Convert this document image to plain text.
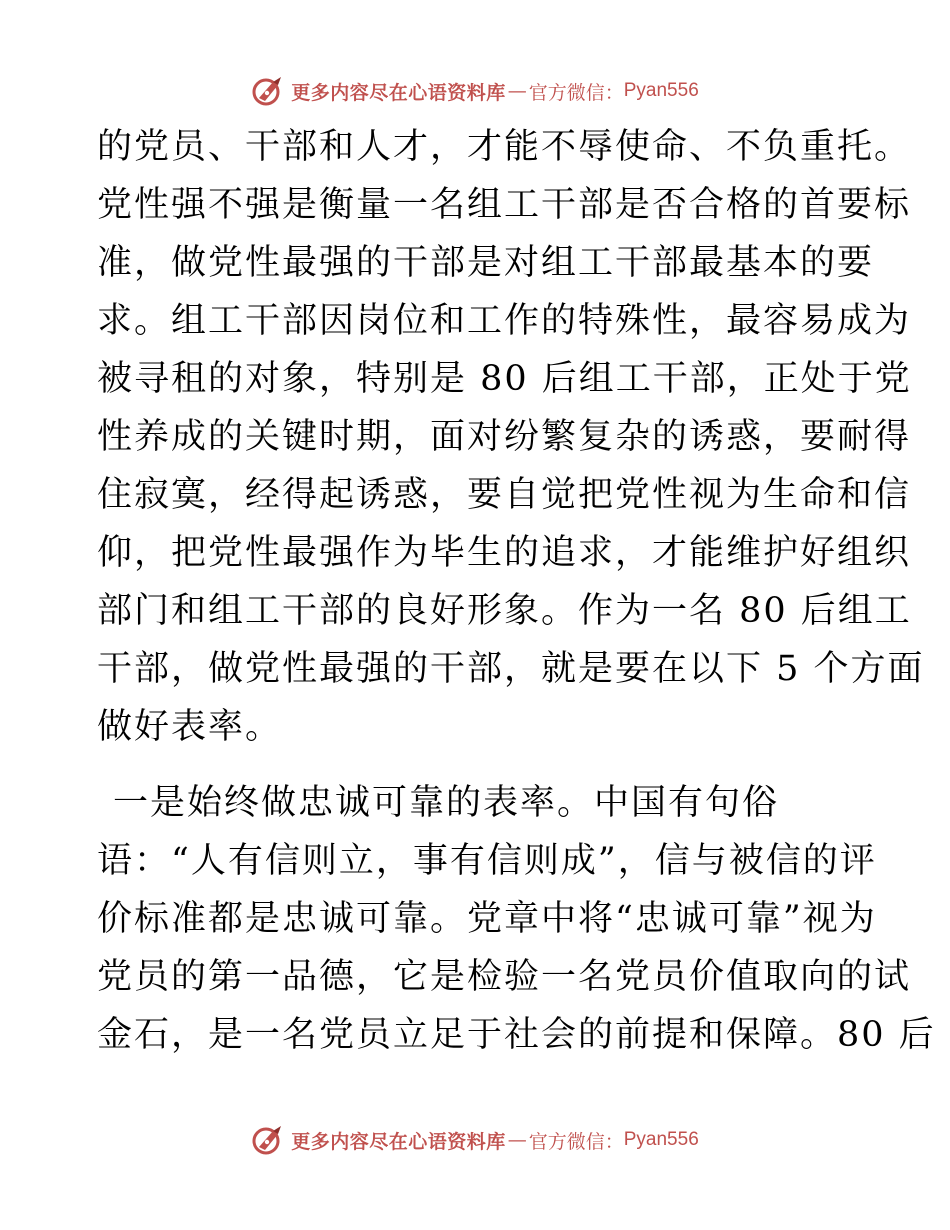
更多内容尽在心语资料库 — 官方微信： Pyan556

的党员、干部和人才，才能不辱使命、不负重托。
党性强不强是衡量一名组工干部是否合格的首要标
准，做党性最强的干部是对组工干部最基本的要
求。组工干部因岗位和工作的特殊性，最容易成为
被寻租的对象，特别是 80 后组工干部，正处于党
性养成的关键时期，面对纷繁复杂的诱惑，要耐得
住寂寞，经得起诱惑，要自觉把党性视为生命和信
仰，把党性最强作为毕生的追求，才能维护好组织
部门和组工干部的良好形象。作为一名 80 后组工
干部，做党性最强的干部，就是要在以下 5 个方面
做好表率。

一是始终做忠诚可靠的表率。中国有句俗
语：“人有信则立，事有信则成”，信与被信的评
价标准都是忠诚可靠。党章中将“忠诚可靠”视为
党员的第一品德，它是检验一名党员价值取向的试
金石，是一名党员立足于社会的前提和保障。80 后

更多内容尽在心语资料库 — 官方微信： Pyan556
